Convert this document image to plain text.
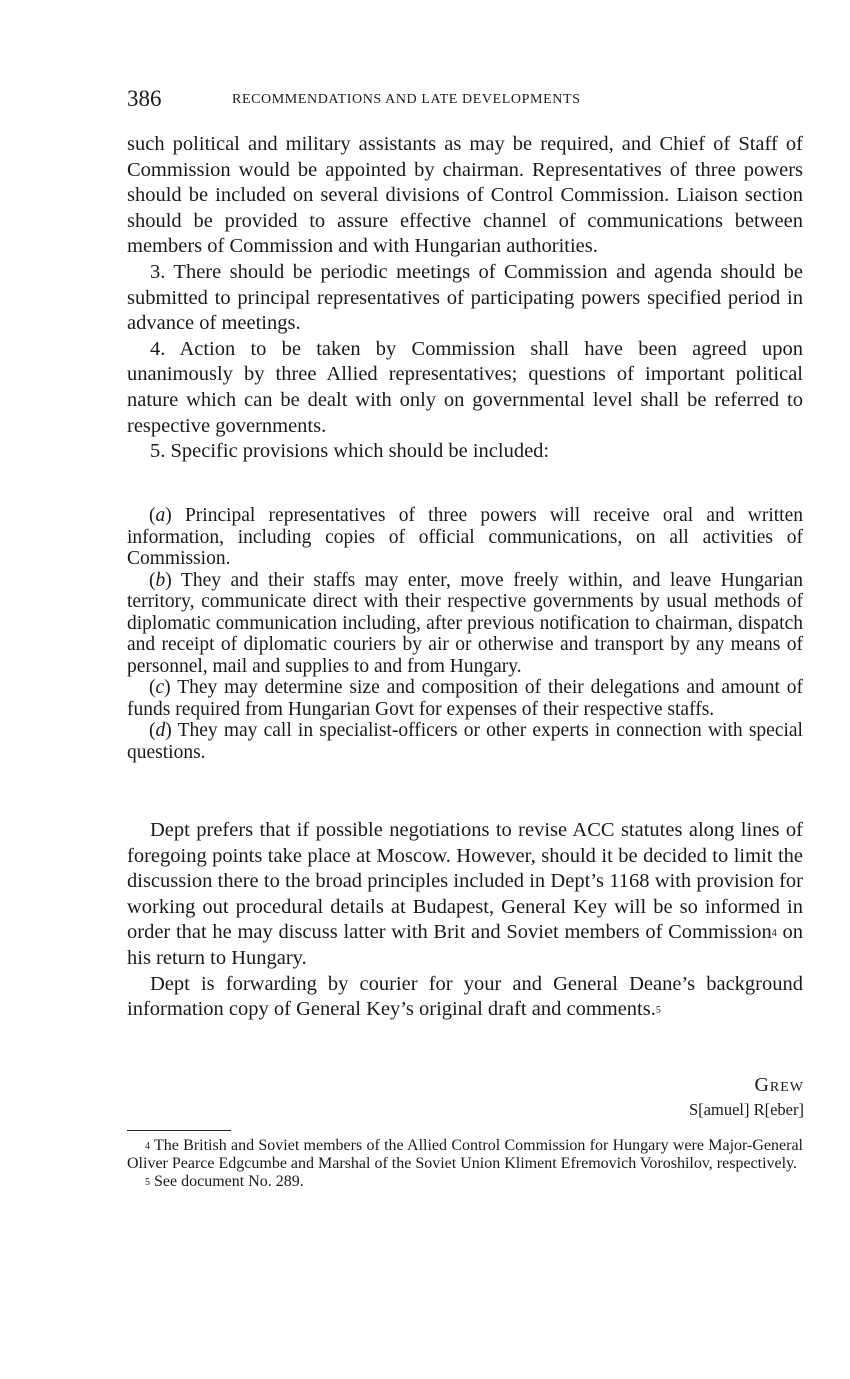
386	RECOMMENDATIONS AND LATE DEVELOPMENTS

such political and military assistants as may be required, and Chief of Staff of Commission would be appointed by chairman. Representatives of three powers should be included on several divisions of Control Commission. Liaison section should be provided to assure effective channel of communications between members of Commission and with Hungarian authorities.

3. There should be periodic meetings of Commission and agenda should be submitted to principal representatives of participating powers specified period in advance of meetings.

4. Action to be taken by Commission shall have been agreed upon unanimously by three Allied representatives; questions of important political nature which can be dealt with only on governmental level shall be referred to respective governments.

5. Specific provisions which should be included:

(a) Principal representatives of three powers will receive oral and written information, including copies of official communications, on all activities of Commission.

(b) They and their staffs may enter, move freely within, and leave Hungarian territory, communicate direct with their respective governments by usual methods of diplomatic communication including, after previous notification to chairman, dispatch and receipt of diplomatic couriers by air or otherwise and transport by any means of personnel, mail and supplies to and from Hungary.

(c) They may determine size and composition of their delegations and amount of funds required from Hungarian Govt for expenses of their respective staffs.

(d) They may call in specialist-officers or other experts in connection with special questions.

Dept prefers that if possible negotiations to revise ACC statutes along lines of foregoing points take place at Moscow. However, should it be decided to limit the discussion there to the broad principles included in Dept’s 1168 with provision for working out procedural details at Budapest, General Key will be so informed in order that he may discuss latter with Brit and Soviet members of Commission$^4$ on his return to Hungary.

Dept is forwarding by courier for your and General Deane’s background information copy of General Key’s original draft and comments.$^5$

Grew
S[amuel] R[eber]

$^4$ The British and Soviet members of the Allied Control Commission for Hungary were Major-General Oliver Pearce Edgcumbe and Marshal of the Soviet Union Kliment Efremovich Voroshilov, respectively.

$^5$ See document No. 289.
